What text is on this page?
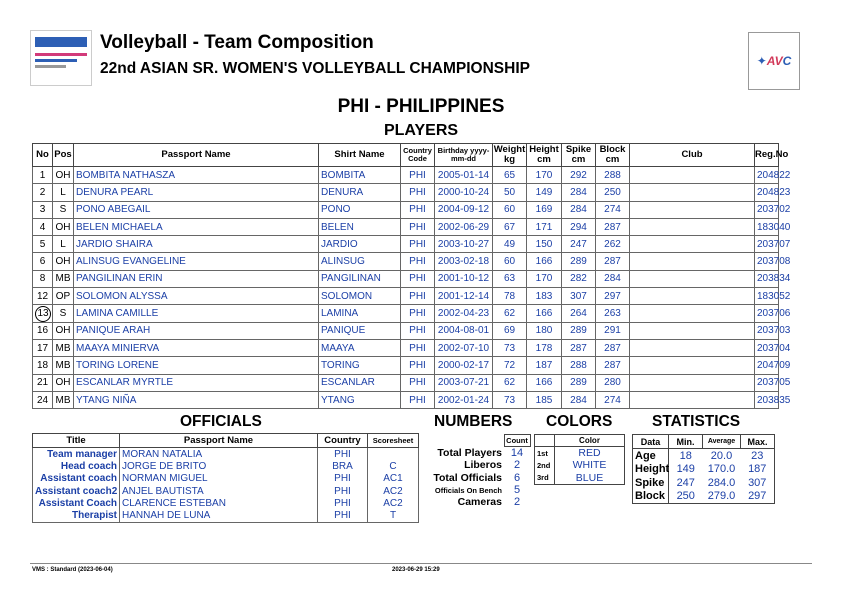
Volleyball - Team Composition
22nd ASIAN SR. WOMEN'S VOLLEYBALL CHAMPIONSHIP	✦AVC
PHI - PHILIPPINES
PLAYERS
No	Pos	Passport Name	Shirt Name	Country Code	Birthday yyyy-mm-dd	Weight kg	Height cm	Spike cm	Block cm	Club	Reg.No
1	OH	BOMBITA NATHASZA	BOMBITA	PHI	2005-01-14	65	170	292	288		204822
2	L	DENURA PEARL	DENURA	PHI	2000-10-24	50	149	284	250		204823
3	S	PONO ABEGAIL	PONO	PHI	2004-09-12	60	169	284	274		203702
4	OH	BELEN MICHAELA	BELEN	PHI	2002-06-29	67	171	294	287		183040
5	L	JARDIO SHAIRA	JARDIO	PHI	2003-10-27	49	150	247	262		203707
6	OH	ALINSUG EVANGELINE	ALINSUG	PHI	2003-02-18	60	166	289	287		203708
8	MB	PANGILINAN ERIN	PANGILINAN	PHI	2001-10-12	63	170	282	284		203834
12	OP	SOLOMON ALYSSA	SOLOMON	PHI	2001-12-14	78	183	307	297		183052
13	S	LAMINA CAMILLE	LAMINA	PHI	2002-04-23	62	166	264	263		203706
16	OH	PANIQUE ARAH	PANIQUE	PHI	2004-08-01	69	180	289	291		203703
17	MB	MAAYA MINIERVA	MAAYA	PHI	2002-07-10	73	178	287	287		203704
18	MB	TORING LORENE	TORING	PHI	2000-02-17	72	187	288	287		204709
21	OH	ESCANLAR MYRTLE	ESCANLAR	PHI	2003-07-21	62	166	289	280		203705
24	MB	YTANG NIÑA	YTANG	PHI	2002-01-24	73	185	284	274		203835
OFFICIALS	NUMBERS COLORS	STATISTICS
Title	Passport Name	Country	Scoresheet
Team manager	MORAN NATALIA	PHI	
Head coach	JORGE DE BRITO	BRA	C
Assistant coach	NORMAN MIGUEL	PHI	AC1
Assistant coach2	ANJEL BAUTISTA	PHI	AC2
Assistant Coach	CLARENCE ESTEBAN	PHI	AC2
Therapist	HANNAH DE LUNA	PHI	T
	Count
Total Players	14
Liberos	2
Total Officials	6
Officials On Bench	5
Cameras	2
	Color
1st	RED
2nd	WHITE
3rd	BLUE
Data	Min.	Average	Max.
Age	18	20.0	23
Height	149	170.0	187
Spike	247	284.0	307
Block	250	279.0	297
VMS : Standard (2023-06-04)	2023-06-29 15:29
